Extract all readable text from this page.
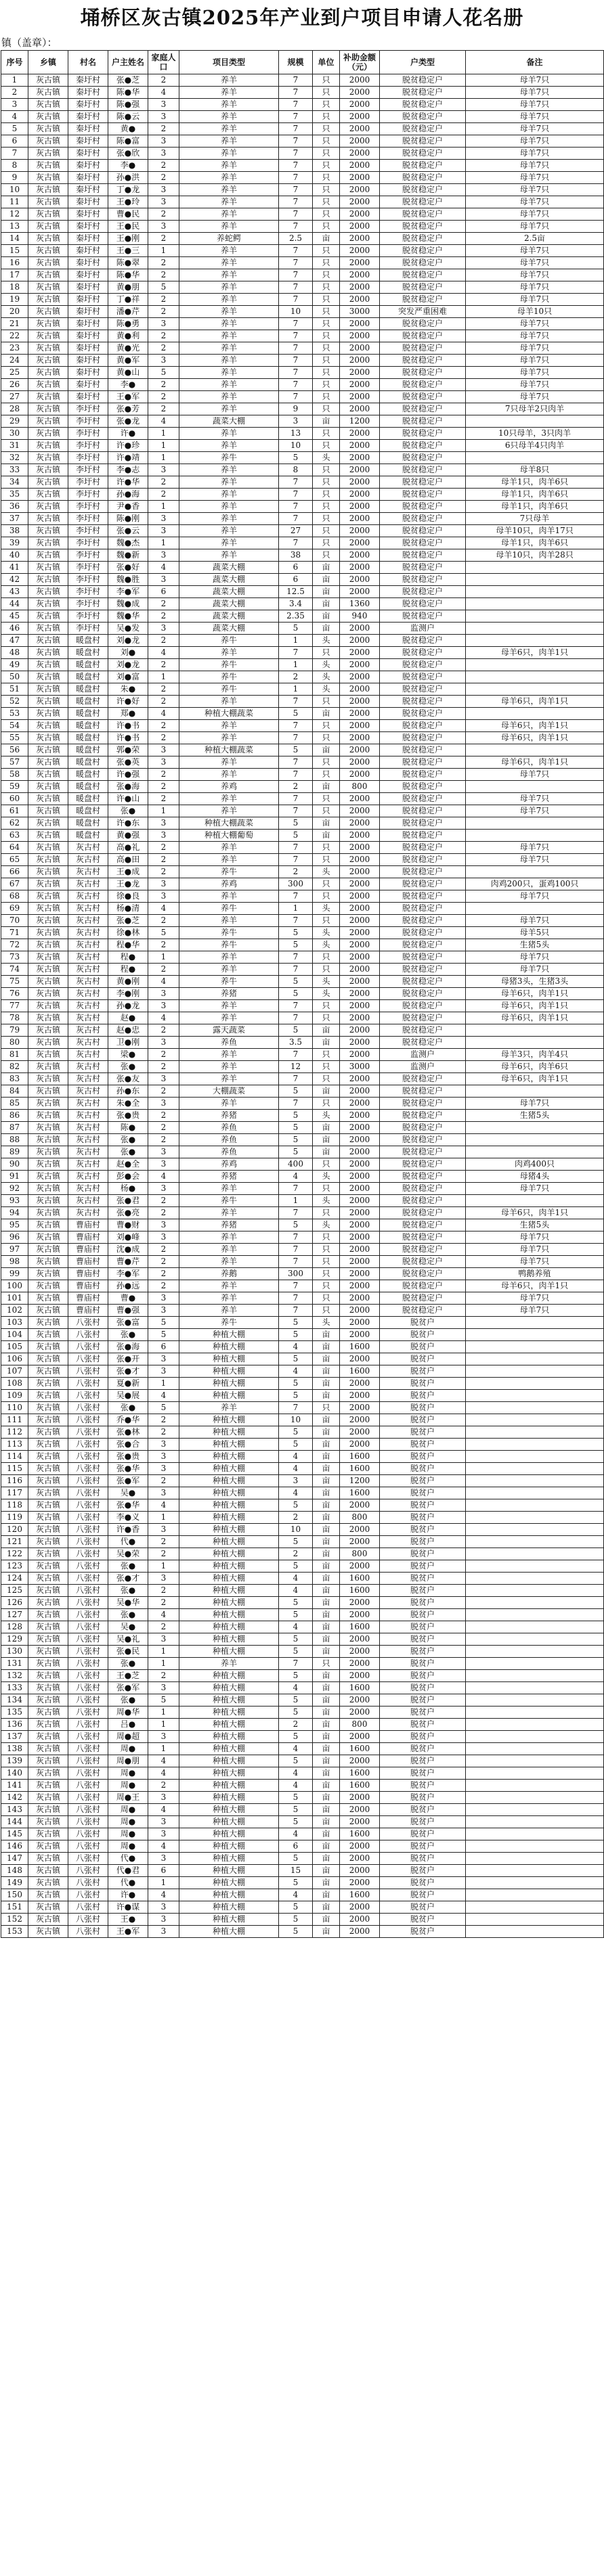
埇桥区灰古镇2025年产业到户项目申请人花名册
镇（盖章）：
序号	乡镇	村名	户主姓名	家庭人口	项目类型	规模	单位	补助金额（元）	户类型	备注
1	灰古镇	秦圩村	张●芝	2	养羊	7	只	2000	脱贫稳定户	母羊7只
2	灰古镇	秦圩村	陈●华	4	养羊	7	只	2000	脱贫稳定户	母羊7只
3	灰古镇	秦圩村	陈●强	3	养羊	7	只	2000	脱贫稳定户	母羊7只
4	灰古镇	秦圩村	陈●云	3	养羊	7	只	2000	脱贫稳定户	母羊7只
5	灰古镇	秦圩村	黄●	2	养羊	7	只	2000	脱贫稳定户	母羊7只
6	灰古镇	秦圩村	陈●富	3	养羊	7	只	2000	脱贫稳定户	母羊7只
7	灰古镇	秦圩村	张●欣	3	养羊	7	只	2000	脱贫稳定户	母羊7只
8	灰古镇	秦圩村	李●	2	养羊	7	只	2000	脱贫稳定户	母羊7只
9	灰古镇	秦圩村	孙●洪	2	养羊	7	只	2000	脱贫稳定户	母羊7只
10	灰古镇	秦圩村	丁●龙	3	养羊	7	只	2000	脱贫稳定户	母羊7只
11	灰古镇	秦圩村	王●玲	3	养羊	7	只	2000	脱贫稳定户	母羊7只
12	灰古镇	秦圩村	曹●民	2	养羊	7	只	2000	脱贫稳定户	母羊7只
13	灰古镇	秦圩村	王●民	3	养羊	7	只	2000	脱贫稳定户	母羊7只
14	灰古镇	秦圩村	王●刚	2	养蛇鳄	2.5	亩	2000	脱贫稳定户	2.5亩
15	灰古镇	秦圩村	王●三	1	养羊	7	只	2000	脱贫稳定户	母羊7只
16	灰古镇	秦圩村	陈●翠	2	养羊	7	只	2000	脱贫稳定户	母羊7只
17	灰古镇	秦圩村	陈●华	2	养羊	7	只	2000	脱贫稳定户	母羊7只
18	灰古镇	秦圩村	黄●朋	5	养羊	7	只	2000	脱贫稳定户	母羊7只
19	灰古镇	秦圩村	丁●祥	2	养羊	7	只	2000	脱贫稳定户	母羊7只
20	灰古镇	秦圩村	潘●芹	2	养羊	10	只	3000	突发严重困难	母羊10只
21	灰古镇	秦圩村	陈●勇	3	养羊	7	只	2000	脱贫稳定户	母羊7只
22	灰古镇	秦圩村	黄●利	2	养羊	7	只	2000	脱贫稳定户	母羊7只
23	灰古镇	秦圩村	黄●光	2	养羊	7	只	2000	脱贫稳定户	母羊7只
24	灰古镇	秦圩村	黄●军	3	养羊	7	只	2000	脱贫稳定户	母羊7只
25	灰古镇	秦圩村	黄●山	5	养羊	7	只	2000	脱贫稳定户	母羊7只
26	灰古镇	秦圩村	李●	2	养羊	7	只	2000	脱贫稳定户	母羊7只
27	灰古镇	秦圩村	王●军	2	养羊	7	只	2000	脱贫稳定户	母羊7只
28	灰古镇	李圩村	张●芳	2	养羊	9	只	2000	脱贫稳定户	7只母羊2只肉羊
29	灰古镇	李圩村	张●龙	4	蔬菜大棚	3	亩	1200	脱贫稳定户	
30	灰古镇	李圩村	许●	1	养羊	13	只	2000	脱贫稳定户	10只母羊，3只肉羊
31	灰古镇	李圩村	许●珍	1	养羊	10	只	2000	脱贫稳定户	6只母羊4只肉羊
32	灰古镇	李圩村	许●靖	1	养牛	5	头	2000	脱贫稳定户	
33	灰古镇	李圩村	李●志	3	养羊	8	只	2000	脱贫稳定户	母羊8只
34	灰古镇	李圩村	许●华	2	养羊	7	只	2000	脱贫稳定户	母羊1只，肉羊6只
35	灰古镇	李圩村	孙●海	2	养羊	7	只	2000	脱贫稳定户	母羊1只，肉羊6只
36	灰古镇	李圩村	尹●香	1	养羊	7	只	2000	脱贫稳定户	母羊1只，肉羊6只
37	灰古镇	李圩村	陈●刚	3	养羊	7	只	2000	脱贫稳定户	7只母羊
38	灰古镇	李圩村	张●云	3	养羊	27	只	2000	脱贫稳定户	母羊10只，肉羊17只
39	灰古镇	李圩村	魏●杰	1	养羊	7	只	2000	脱贫稳定户	母羊1只，肉羊6只
40	灰古镇	李圩村	魏●新	3	养羊	38	只	2000	脱贫稳定户	母羊10只，肉羊28只
41	灰古镇	李圩村	张●好	4	蔬菜大棚	6	亩	2000	脱贫稳定户	
42	灰古镇	李圩村	魏●胜	3	蔬菜大棚	6	亩	2000	脱贫稳定户	
43	灰古镇	李圩村	李●军	6	蔬菜大棚	12.5	亩	2000	脱贫稳定户	
44	灰古镇	李圩村	魏●成	2	蔬菜大棚	3.4	亩	1360	脱贫稳定户	
45	灰古镇	李圩村	魏●华	2	蔬菜大棚	2.35	亩	940	脱贫稳定户	
46	灰古镇	李圩村	吴●发	3	蔬菜大棚	5	亩	2000	监测户	
47	灰古镇	暖盘村	刘●龙	2	养牛	1	头	2000	脱贫稳定户	
48	灰古镇	暖盘村	刘●	4	养羊	7	只	2000	脱贫稳定户	母羊6只，肉羊1只
49	灰古镇	暖盘村	刘●龙	2	养牛	1	头	2000	脱贫稳定户	
50	灰古镇	暖盘村	刘●富	1	养牛	2	头	2000	脱贫稳定户	
51	灰古镇	暖盘村	朱●	2	养牛	1	头	2000	脱贫稳定户	
52	灰古镇	暖盘村	许●好	2	养羊	7	只	2000	脱贫稳定户	母羊6只，肉羊1只
53	灰古镇	暖盘村	郑●	4	种植大棚蔬菜	5	亩	2000	脱贫稳定户	
54	灰古镇	暖盘村	许●书	2	养羊	7	只	2000	脱贫稳定户	母羊6只，肉羊1只
55	灰古镇	暖盘村	许●书	2	养羊	7	只	2000	脱贫稳定户	母羊6只，肉羊1只
56	灰古镇	暖盘村	郭●荣	3	种植大棚蔬菜	5	亩	2000	脱贫稳定户	
57	灰古镇	暖盘村	张●英	3	养羊	7	只	2000	脱贫稳定户	母羊6只，肉羊1只
58	灰古镇	暖盘村	许●强	2	养羊	7	只	2000	脱贫稳定户	母羊7只
59	灰古镇	暖盘村	张●海	2	养鸡	2	亩	800	脱贫稳定户	
60	灰古镇	暖盘村	许●山	2	养羊	7	只	2000	脱贫稳定户	母羊7只
61	灰古镇	暖盘村	张●	1	养羊	7	只	2000	脱贫稳定户	母羊7只
62	灰古镇	暖盘村	许●东	3	种植大棚蔬菜	5	亩	2000	脱贫稳定户	
63	灰古镇	暖盘村	黄●强	3	种植大棚葡萄	5	亩	2000	脱贫稳定户	
64	灰古镇	灰古村	高●礼	2	养羊	7	只	2000	脱贫稳定户	母羊7只
65	灰古镇	灰古村	高●田	2	养羊	7	只	2000	脱贫稳定户	母羊7只
66	灰古镇	灰古村	王●成	2	养牛	2	头	2000	脱贫稳定户	
67	灰古镇	灰古村	王●龙	3	养鸡	300	只	2000	脱贫稳定户	肉鸡200只，蛋鸡100只
68	灰古镇	灰古村	徐●良	3	养羊	7	只	2000	脱贫稳定户	母羊7只
69	灰古镇	灰古村	杨●清	4	养牛	1	头	2000	脱贫稳定户	
70	灰古镇	灰古村	张●芝	2	养羊	7	只	2000	脱贫稳定户	母羊7只
71	灰古镇	灰古村	徐●林	5	养牛	5	头	2000	脱贫稳定户	母羊5只
72	灰古镇	灰古村	程●华	2	养牛	5	头	2000	脱贫稳定户	生猪5头
73	灰古镇	灰古村	程●	1	养羊	7	只	2000	脱贫稳定户	母羊7只
74	灰古镇	灰古村	程●	2	养羊	7	只	2000	脱贫稳定户	母羊7只
75	灰古镇	灰古村	黄●刚	4	养牛	5	头	2000	脱贫稳定户	母猪3头，生猪3头
76	灰古镇	灰古村	李●刚	3	养猪	5	头	2000	脱贫稳定户	母羊6只，肉羊1只
77	灰古镇	灰古村	孙●龙	3	养羊	7	只	2000	脱贫稳定户	母羊6只，肉羊1只
78	灰古镇	灰古村	赵●	4	养羊	7	只	2000	脱贫稳定户	母羊6只，肉羊1只
79	灰古镇	灰古村	赵●忠	2	露天蔬菜	5	亩	2000	脱贫稳定户	
80	灰古镇	灰古村	卫●刚	3	养鱼	3.5	亩	2000	脱贫稳定户	
81	灰古镇	灰古村	梁●	2	养羊	7	只	2000	监测户	母羊3只，肉羊4只
82	灰古镇	灰古村	张●	2	养羊	12	只	3000	监测户	母羊6只，肉羊6只
83	灰古镇	灰古村	张●友	3	养羊	7	只	2000	脱贫稳定户	母羊6只，肉羊1只
84	灰古镇	灰古村	孙●东	2	大棚蔬菜	5	亩	2000	脱贫稳定户	
85	灰古镇	灰古村	朱●全	3	养羊	7	只	2000	脱贫稳定户	母羊7只
86	灰古镇	灰古村	张●贵	2	养猪	5	头	2000	脱贫稳定户	生猪5头
87	灰古镇	灰古村	陈●	2	养鱼	5	亩	2000	脱贫稳定户	
88	灰古镇	灰古村	张●	2	养鱼	5	亩	2000	脱贫稳定户	
89	灰古镇	灰古村	张●	3	养鱼	5	亩	2000	脱贫稳定户	
90	灰古镇	灰古村	赵●全	3	养鸡	400	只	2000	脱贫稳定户	肉鸡400只
91	灰古镇	灰古村	彭●会	4	养猪	4	头	2000	脱贫稳定户	母猪4头
92	灰古镇	灰古村	杨●	3	养羊	7	只	2000	脱贫稳定户	母羊7只
93	灰古镇	灰古村	张●君	2	养牛	1	头	2000	脱贫稳定户	
94	灰古镇	灰古村	张●亮	2	养羊	7	只	2000	脱贫稳定户	母羊6只，肉羊1只
95	灰古镇	曹庙村	曹●财	3	养猪	5	头	2000	脱贫稳定户	生猪5头
96	灰古镇	曹庙村	刘●峰	3	养羊	7	只	2000	脱贫稳定户	母羊7只
97	灰古镇	曹庙村	沈●成	2	养羊	7	只	2000	脱贫稳定户	母羊7只
98	灰古镇	曹庙村	曹●芹	2	养羊	7	只	2000	脱贫稳定户	母羊7只
99	灰古镇	曹庙村	李●军	2	养鹅	300	只	2000	脱贫稳定户	鸭鹅养殖
100	灰古镇	曹庙村	孙●远	2	养羊	7	只	2000	脱贫稳定户	母羊6只，肉羊1只
101	灰古镇	曹庙村	曹●	3	养羊	7	只	2000	脱贫稳定户	母羊7只
102	灰古镇	曹庙村	曹●强	3	养羊	7	只	2000	脱贫稳定户	母羊7只
103	灰古镇	八张村	张●富	5	养牛	5	头	2000	脱贫户	
104	灰古镇	八张村	张●	5	种植大棚	5	亩	2000	脱贫户	
105	灰古镇	八张村	张●海	6	种植大棚	4	亩	1600	脱贫户	
106	灰古镇	八张村	张●开	3	种植大棚	5	亩	2000	脱贫户	
107	灰古镇	八张村	张●才	3	种植大棚	4	亩	1600	脱贫户	
108	灰古镇	八张村	夏●新	1	种植大棚	5	亩	2000	脱贫户	
109	灰古镇	八张村	吴●展	4	种植大棚	5	亩	2000	脱贫户	
110	灰古镇	八张村	张●	5	养羊	7	只	2000	脱贫户	
111	灰古镇	八张村	乔●华	2	种植大棚	10	亩	2000	脱贫户	
112	灰古镇	八张村	张●林	2	种植大棚	5	亩	2000	脱贫户	
113	灰古镇	八张村	张●合	3	种植大棚	5	亩	2000	脱贫户	
114	灰古镇	八张村	张●贵	3	种植大棚	4	亩	1600	脱贫户	
115	灰古镇	八张村	张●华	3	种植大棚	4	亩	1600	脱贫户	
116	灰古镇	八张村	张●军	2	种植大棚	3	亩	1200	脱贫户	
117	灰古镇	八张村	吴●	3	种植大棚	4	亩	1600	脱贫户	
118	灰古镇	八张村	张●华	4	种植大棚	5	亩	2000	脱贫户	
119	灰古镇	八张村	李●义	1	种植大棚	2	亩	800	脱贫户	
120	灰古镇	八张村	许●香	3	种植大棚	10	亩	2000	脱贫户	
121	灰古镇	八张村	代●	2	种植大棚	5	亩	2000	脱贫户	
122	灰古镇	八张村	吴●荣	2	种植大棚	2	亩	800	脱贫户	
123	灰古镇	八张村	张●	1	种植大棚	5	亩	2000	脱贫户	
124	灰古镇	八张村	张●才	3	种植大棚	4	亩	1600	脱贫户	
125	灰古镇	八张村	张●	2	种植大棚	4	亩	1600	脱贫户	
126	灰古镇	八张村	吴●华	2	种植大棚	5	亩	2000	脱贫户	
127	灰古镇	八张村	张●	4	种植大棚	5	亩	2000	脱贫户	
128	灰古镇	八张村	吴●	2	种植大棚	4	亩	1600	脱贫户	
129	灰古镇	八张村	吴●礼	3	种植大棚	5	亩	2000	脱贫户	
130	灰古镇	八张村	张●民	1	种植大棚	5	亩	2000	脱贫户	
131	灰古镇	八张村	张●	1	养羊	7	只	2000	脱贫户	
132	灰古镇	八张村	王●芝	2	种植大棚	5	亩	2000	脱贫户	
133	灰古镇	八张村	张●军	3	种植大棚	4	亩	1600	脱贫户	
134	灰古镇	八张村	张●	5	种植大棚	5	亩	2000	脱贫户	
135	灰古镇	八张村	周●华	1	种植大棚	5	亩	2000	脱贫户	
136	灰古镇	八张村	吕●	1	种植大棚	2	亩	800	脱贫户	
137	灰古镇	八张村	周●超	3	种植大棚	5	亩	2000	脱贫户	
138	灰古镇	八张村	周●	1	种植大棚	4	亩	1600	脱贫户	
139	灰古镇	八张村	周●朋	4	种植大棚	5	亩	2000	脱贫户	
140	灰古镇	八张村	周●	4	种植大棚	4	亩	1600	脱贫户	
141	灰古镇	八张村	周●	2	种植大棚	4	亩	1600	脱贫户	
142	灰古镇	八张村	周●王	3	种植大棚	5	亩	2000	脱贫户	
143	灰古镇	八张村	周●	4	种植大棚	5	亩	2000	脱贫户	
144	灰古镇	八张村	周●	3	种植大棚	5	亩	2000	脱贫户	
145	灰古镇	八张村	周●	3	种植大棚	4	亩	1600	脱贫户	
146	灰古镇	八张村	周●	4	种植大棚	6	亩	2000	脱贫户	
147	灰古镇	八张村	代●	3	种植大棚	5	亩	2000	脱贫户	
148	灰古镇	八张村	代●君	6	种植大棚	15	亩	2000	脱贫户	
149	灰古镇	八张村	代●	1	种植大棚	5	亩	2000	脱贫户	
150	灰古镇	八张村	许●	4	种植大棚	4	亩	1600	脱贫户	
151	灰古镇	八张村	许●谋	3	种植大棚	5	亩	2000	脱贫户	
152	灰古镇	八张村	王●	3	种植大棚	5	亩	2000	脱贫户	
153	灰古镇	八张村	王●军	3	种植大棚	5	亩	2000	脱贫户	
